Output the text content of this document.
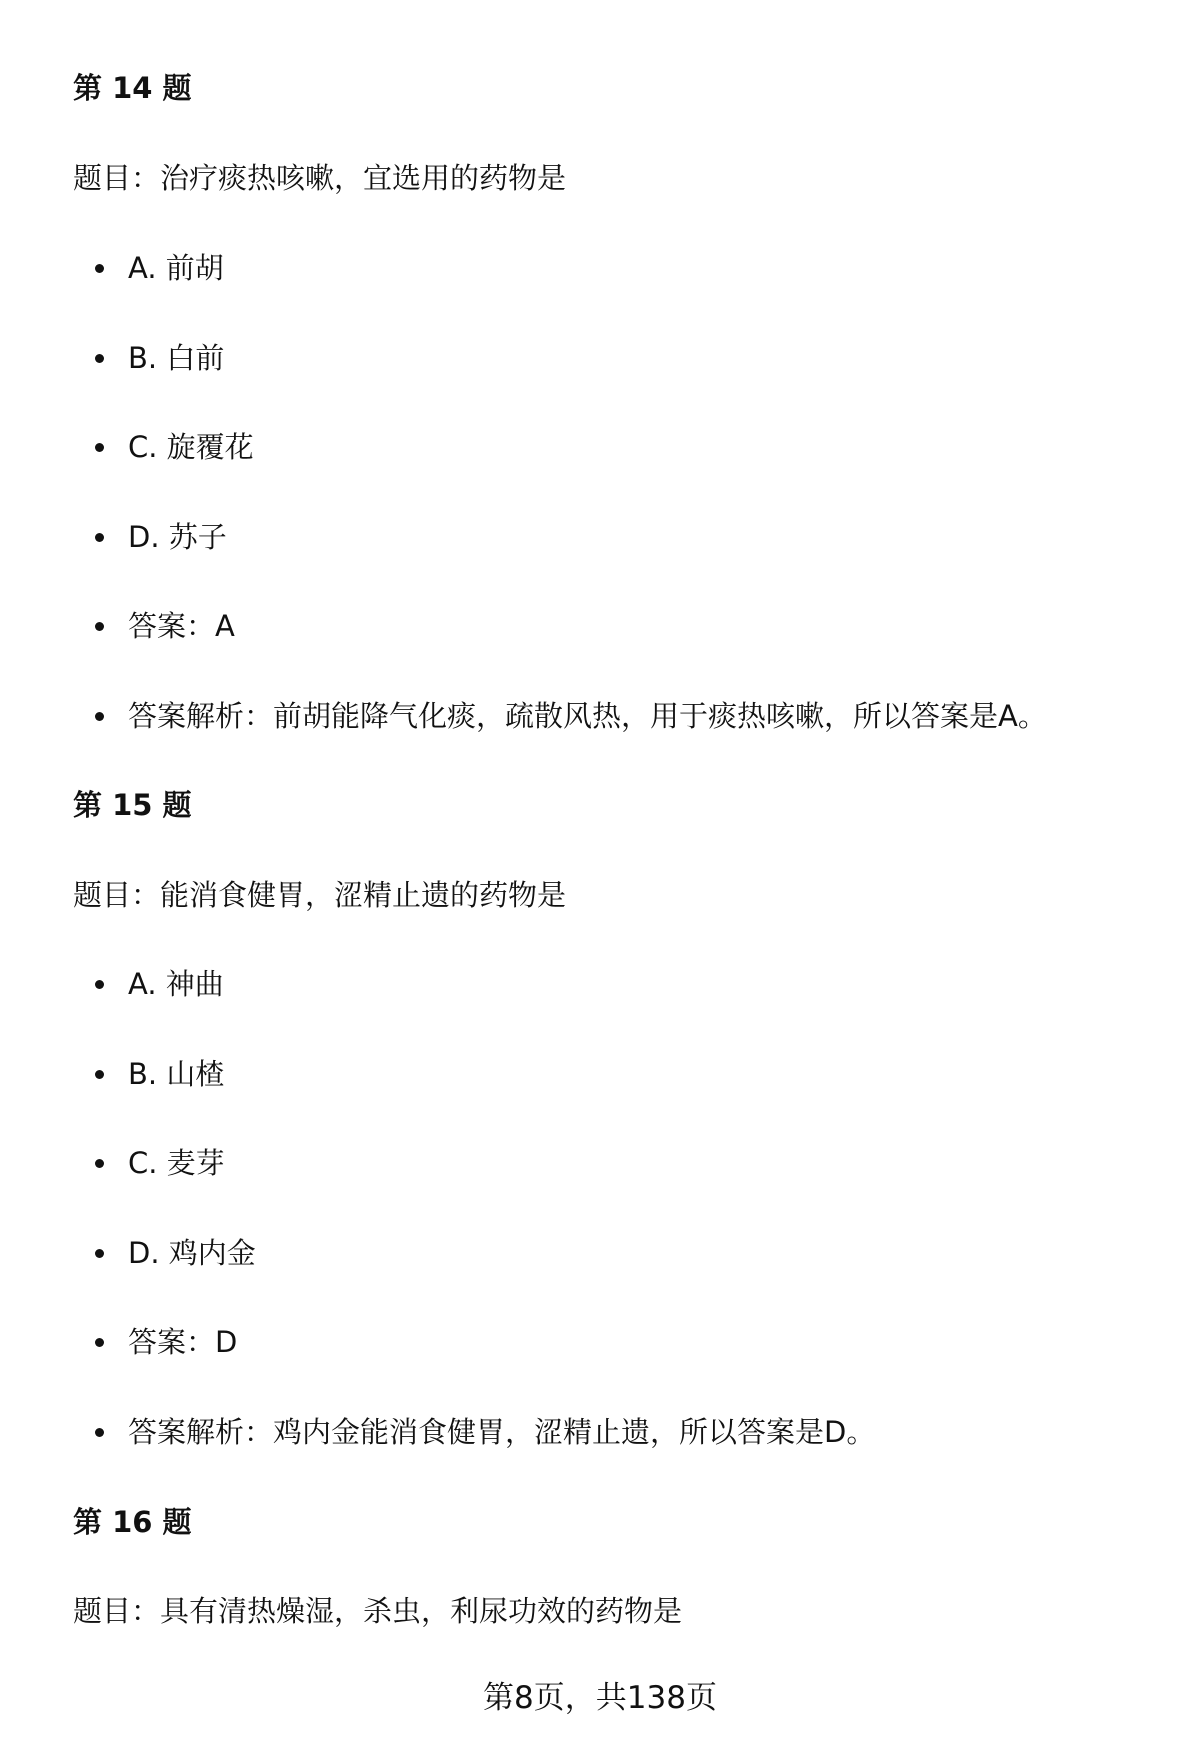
第 14 题

题目：治疗痰热咳嗽，宜选用的药物是

A. 前胡
B. 白前
C. 旋覆花
D. 苏子
答案：A
答案解析：前胡能降气化痰，疏散风热，用于痰热咳嗽，所以答案是A。
第 15 题

题目：能消食健胃，涩精止遗的药物是

A. 神曲
B. 山楂
C. 麦芽
D. 鸡内金
答案：D
答案解析：鸡内金能消食健胃，涩精止遗，所以答案是D。
第 16 题

题目：具有清热燥湿，杀虫，利尿功效的药物是

第8页，共138页
